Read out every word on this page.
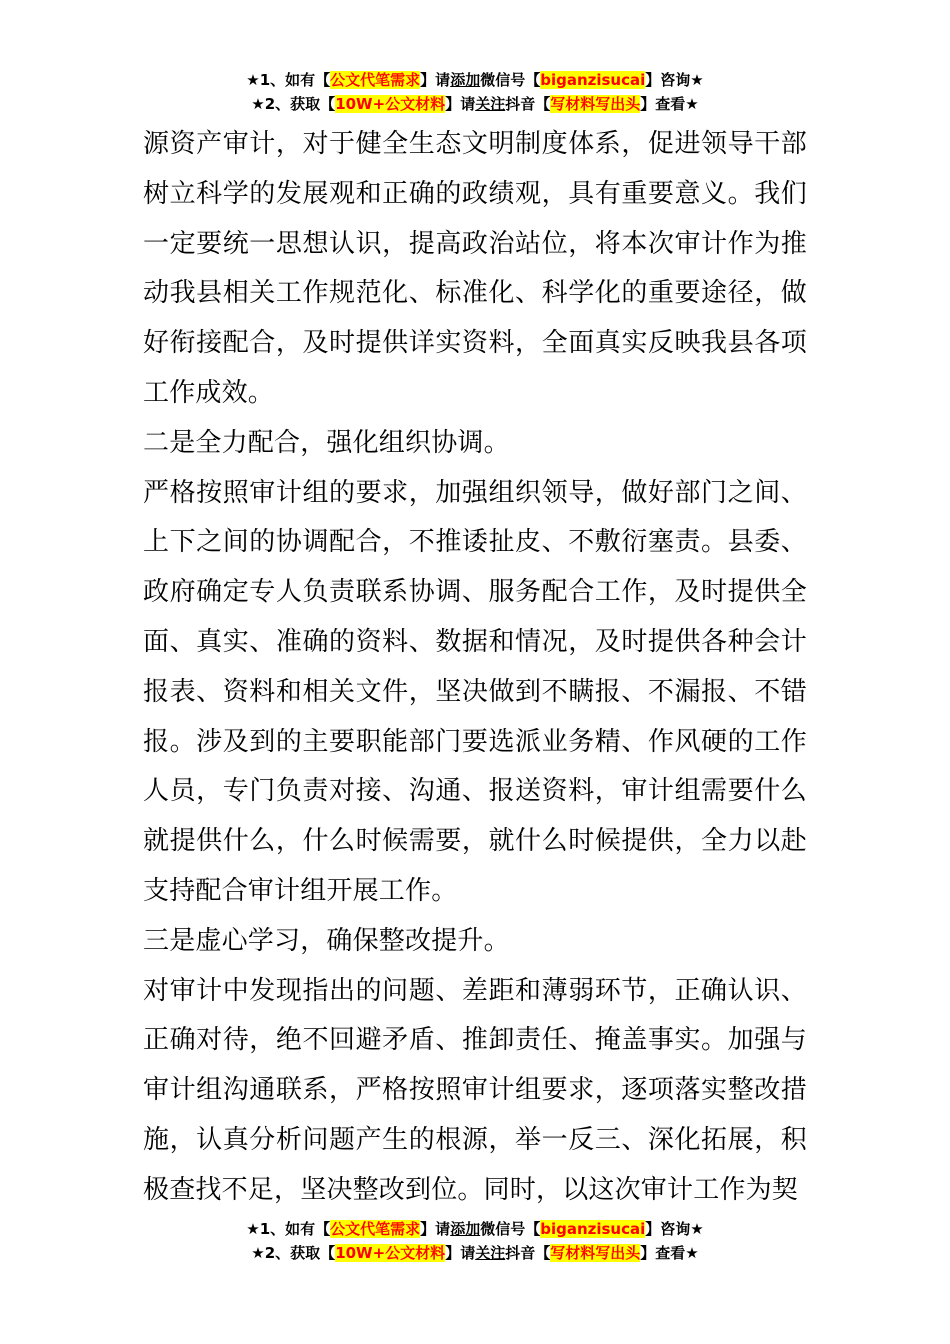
★1、如有【公文代笔需求】请添加微信号【biganzisucai】咨询★
★2、获取【10W+公文材料】请关注抖音【写材料写出头】查看★

源资产审计，对于健全生态文明制度体系，促进领导干部树立科学的发展观和正确的政绩观，具有重要意义。我们一定要统一思想认识，提高政治站位，将本次审计作为推动我县相关工作规范化、标准化、科学化的重要途径，做好衔接配合，及时提供详实资料，全面真实反映我县各项工作成效。

二是全力配合，强化组织协调。

严格按照审计组的要求，加强组织领导，做好部门之间、上下之间的协调配合，不推诿扯皮、不敷衍塞责。县委、政府确定专人负责联系协调、服务配合工作，及时提供全面、真实、准确的资料、数据和情况，及时提供各种会计报表、资料和相关文件，坚决做到不瞒报、不漏报、不错报。涉及到的主要职能部门要选派业务精、作风硬的工作人员，专门负责对接、沟通、报送资料，审计组需要什么就提供什么，什么时候需要，就什么时候提供，全力以赴支持配合审计组开展工作。

三是虚心学习，确保整改提升。

对审计中发现指出的问题、差距和薄弱环节，正确认识、正确对待，绝不回避矛盾、推卸责任、掩盖事实。加强与审计组沟通联系，严格按照审计组要求，逐项落实整改措施，认真分析问题产生的根源，举一反三、深化拓展，积极查找不足，坚决整改到位。同时，以这次审计工作为契

★1、如有【公文代笔需求】请添加微信号【biganzisucai】咨询★
★2、获取【10W+公文材料】请关注抖音【写材料写出头】查看★
